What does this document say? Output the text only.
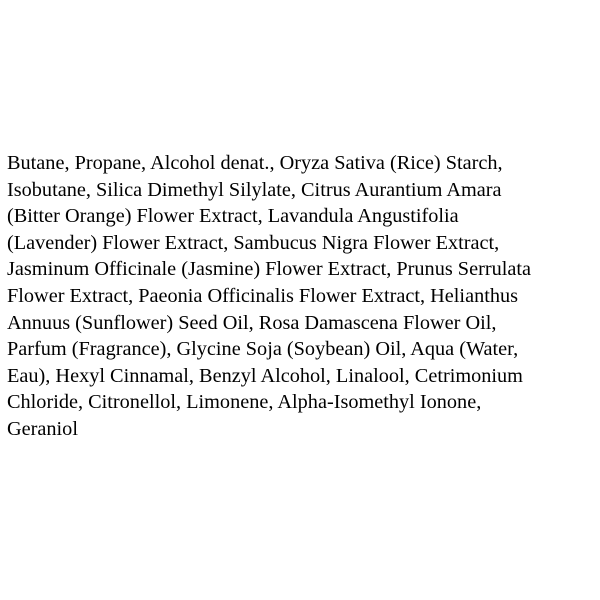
Butane, Propane, Alcohol denat., Oryza Sativa (Rice) Starch,
Isobutane, Silica Dimethyl Silylate, Citrus Aurantium Amara
(Bitter Orange) Flower Extract, Lavandula Angustifolia
(Lavender) Flower Extract, Sambucus Nigra Flower Extract,
Jasminum Officinale (Jasmine) Flower Extract, Prunus Serrulata
Flower Extract, Paeonia Officinalis Flower Extract, Helianthus
Annuus (Sunflower) Seed Oil, Rosa Damascena Flower Oil,
Parfum (Fragrance), Glycine Soja (Soybean) Oil, Aqua (Water,
Eau), Hexyl Cinnamal, Benzyl Alcohol, Linalool, Cetrimonium
Chloride, Citronellol, Limonene, Alpha-Isomethyl Ionone,
Geraniol
